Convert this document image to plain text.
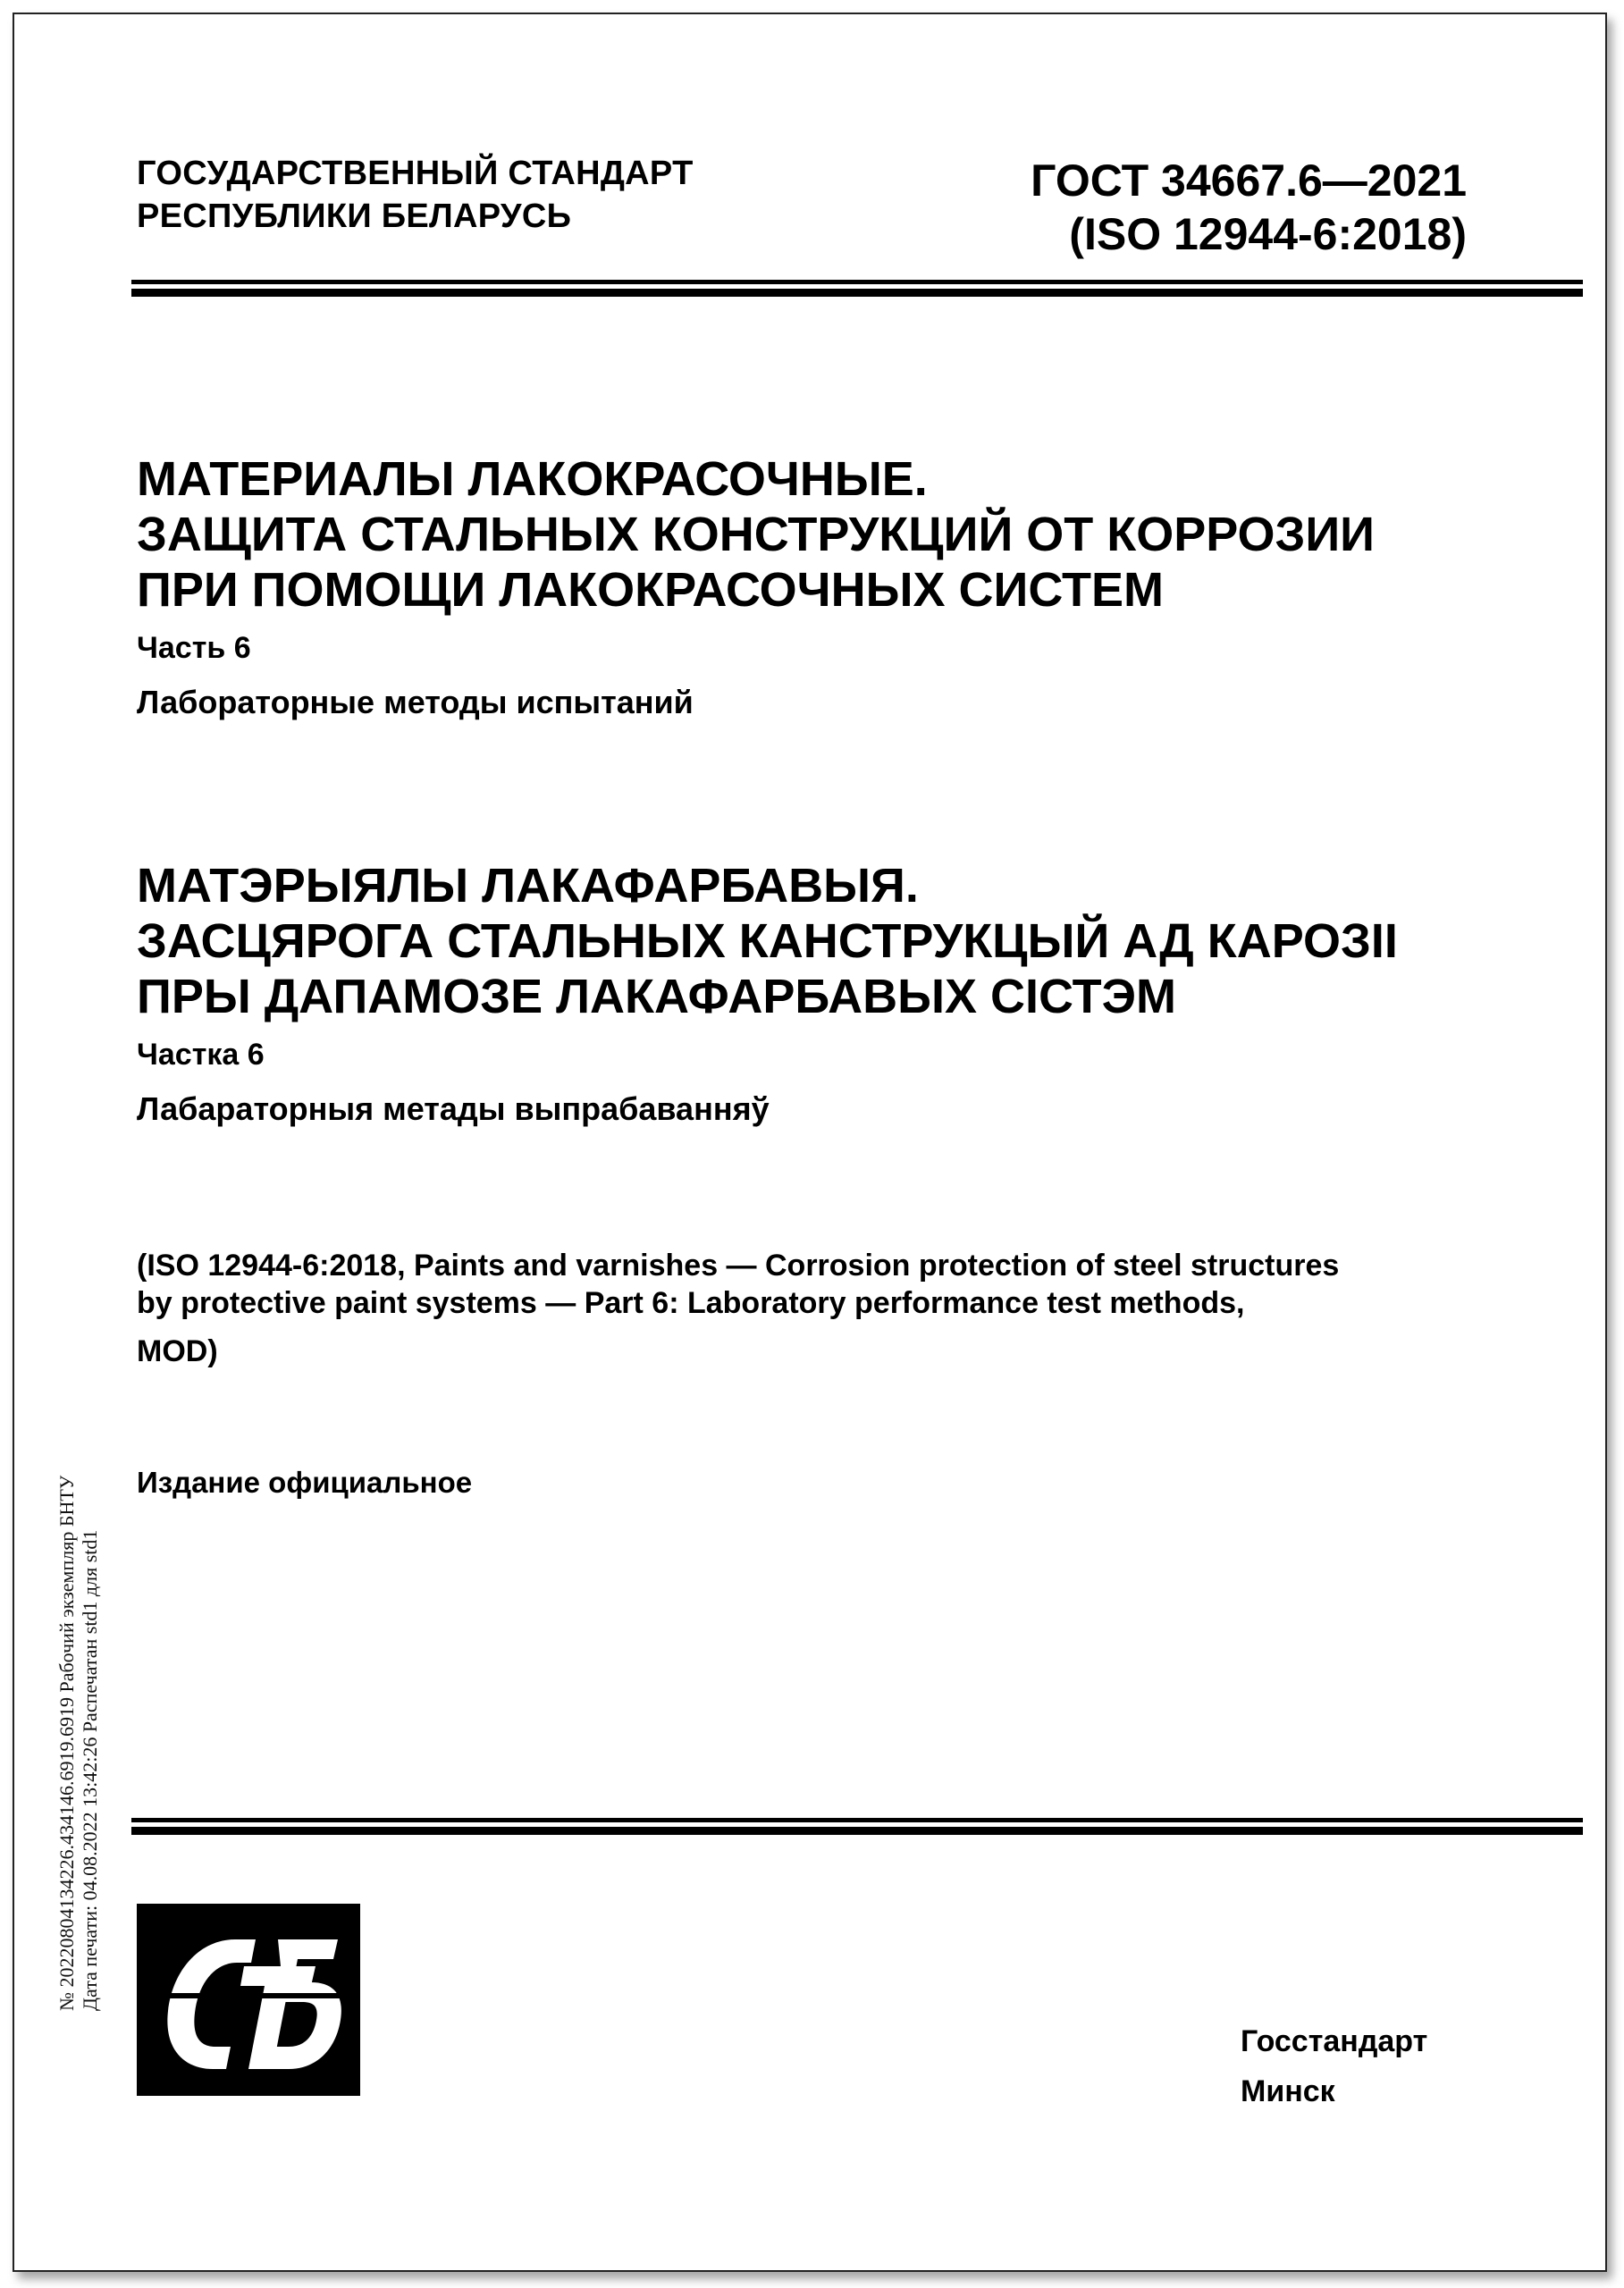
ГОСУДАРСТВЕННЫЙ СТАНДАРТ
РЕСПУБЛИКИ БЕЛАРУСЬ
ГОСТ 34667.6—2021
(ISO 12944-6:2018)
МАТЕРИАЛЫ ЛАКОКРАСОЧНЫЕ.
ЗАЩИТА СТАЛЬНЫХ КОНСТРУКЦИЙ ОТ КОРРОЗИИ
ПРИ ПОМОЩИ ЛАКОКРАСОЧНЫХ СИСТЕМ
Часть 6
Лабораторные методы испытаний
МАТЭРЫЯЛЫ ЛАКАФАРБАВЫЯ.
ЗАСЦЯРОГА СТАЛЬНЫХ КАНСТРУКЦЫЙ АД КАРОЗІІ
ПРЫ ДАПАМОЗЕ ЛАКАФАРБАВЫХ СІСТЭМ
Частка 6
Лабараторныя метады выпрабаванняў
(ISO 12944-6:2018, Paints and varnishes — Corrosion protection of steel structures
by protective paint systems — Part 6: Laboratory performance test methods,
MOD)
Издание официальное
№ 20220804134226.434146.6919.6919 Рабочий экземпляр БНТУ Дата печати: 04.08.2022 13:42:26 Распечатан std1 для std1
Госстандарт
Минск
